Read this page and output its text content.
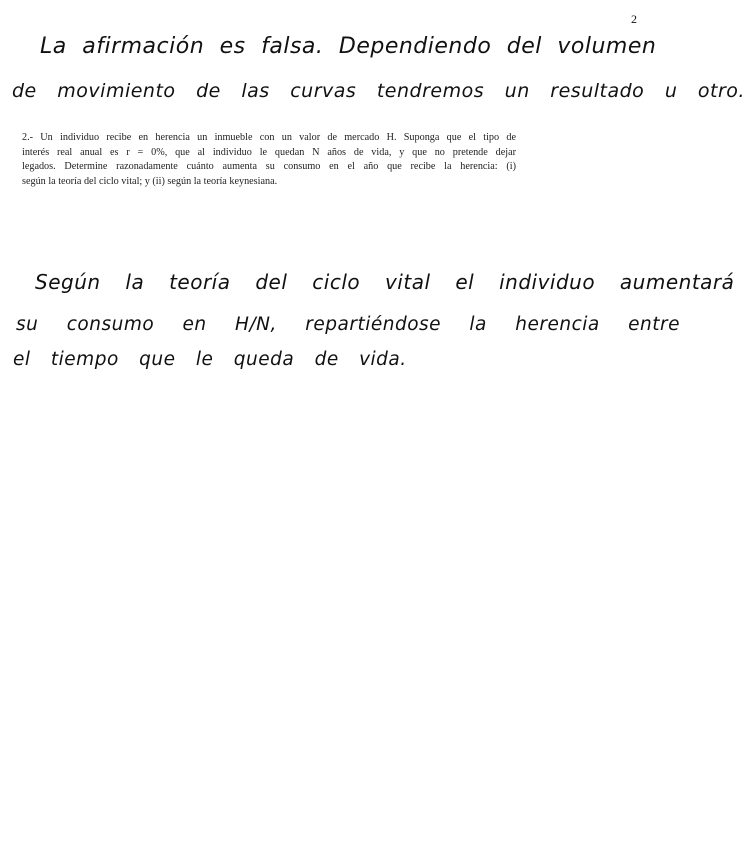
2
La afirmación es falsa. Dependiendo del volumen
de movimiento de las curvas tendremos un resultado u otro.
2.- Un individuo recibe en herencia un inmueble con un valor de mercado H. Suponga que el tipo de
interés real anual es r = 0%, que al individuo le quedan N años de vida, y que no pretende dejar
legados. Determine razonadamente cuánto aumenta su consumo en el año que recibe la herencia: (i)
según la teoría del ciclo vital; y (ii) según la teoría keynesiana.
Según la teoría del ciclo vital el individuo aumentará
su consumo en H/N, repartiéndose la herencia entre
el tiempo que le queda de vida.
